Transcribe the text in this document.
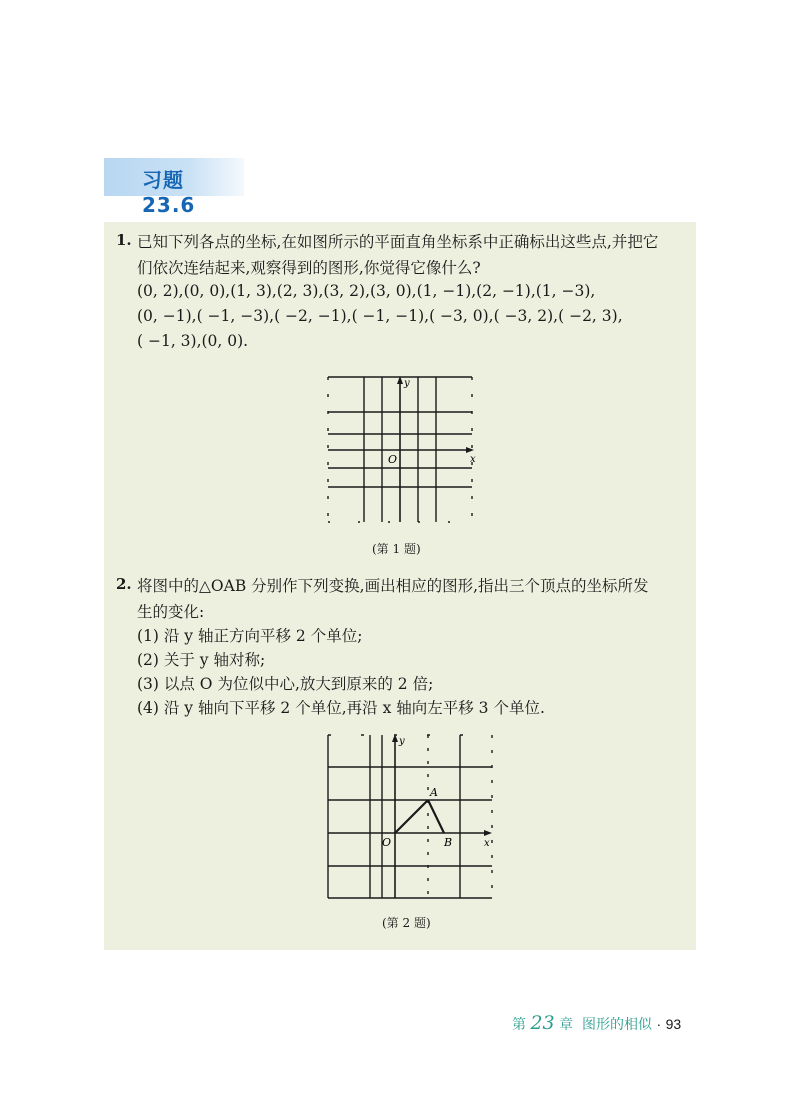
习题 23.6
1. 已知下列各点的坐标,在如图所示的平面直角坐标系中正确标出这些点,并把它
们依次连结起来,观察得到的图形,你觉得它像什么?
(0, 2),(0, 0),(1, 3),(2, 3),(3, 2),(3, 0),(1, −1),(2, −1),(1, −3),
(0, −1),( −1, −3),( −2, −1),( −1, −1),( −3, 0),( −3, 2),( −2, 3),
( −1, 3),(0, 0).
y
x
O
(第 1 题)
2. 将图中的△OAB 分别作下列变换,画出相应的图形,指出三个顶点的坐标所发
生的变化:
(1) 沿 y 轴正方向平移 2 个单位;
(2) 关于 y 轴对称;
(3) 以点 O 为位似中心,放大到原来的 2 倍;
(4) 沿 y 轴向下平移 2 个单位,再沿 x 轴向左平移 3 个单位.
y
x
O
A
B
(第 2 题)
第 23 章 图形的相似 · 93
